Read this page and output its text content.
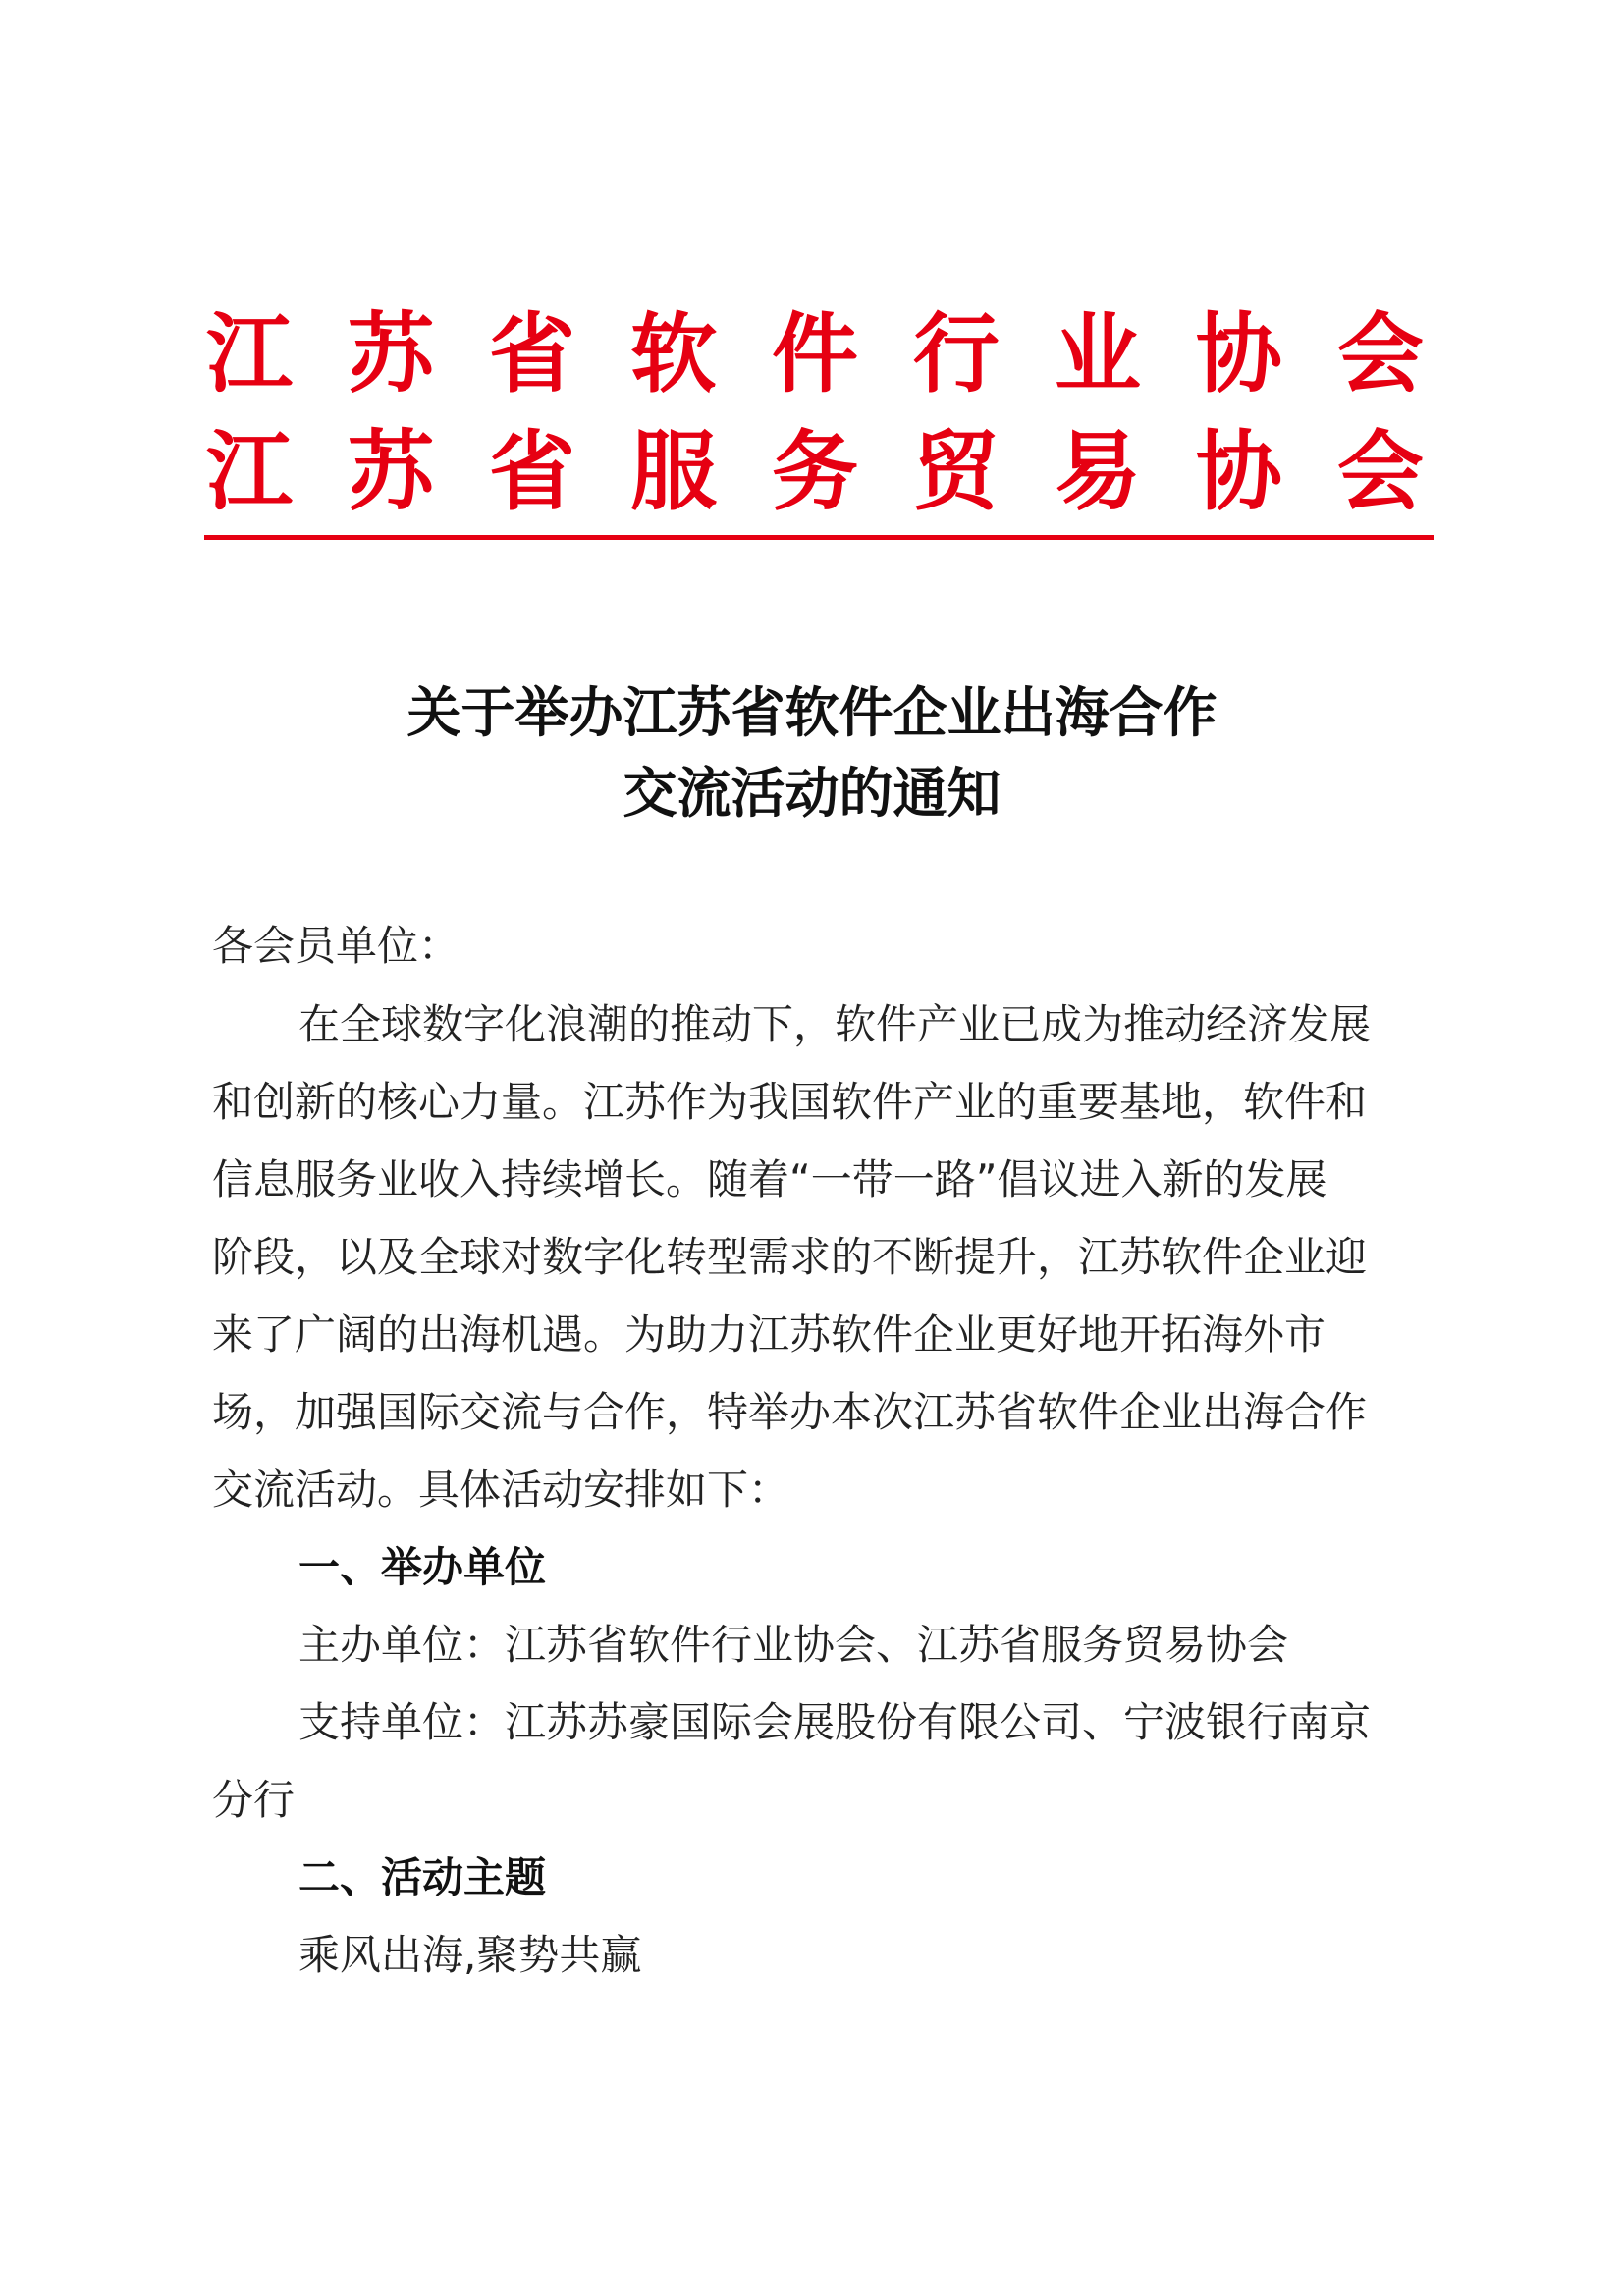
江 苏 省 软 件 行 业 协 会
江 苏 省 服 务 贸 易 协 会
关于举办江苏省软件企业出海合作
交流活动的通知
各会员单位：
在全球数字化浪潮的推动下，软件产业已成为推动经济发展
和创新的核心力量。江苏作为我国软件产业的重要基地，软件和
信息服务业收入持续增长。随着“一带一路”倡议进入新的发展
阶段，以及全球对数字化转型需求的不断提升，江苏软件企业迎
来了广阔的出海机遇。为助力江苏软件企业更好地开拓海外市
场，加强国际交流与合作，特举办本次江苏省软件企业出海合作
交流活动。具体活动安排如下：
一、举办单位
主办单位：江苏省软件行业协会、江苏省服务贸易协会
支持单位：江苏苏豪国际会展股份有限公司、宁波银行南京
分行
二、活动主题
乘风出海,聚势共赢
